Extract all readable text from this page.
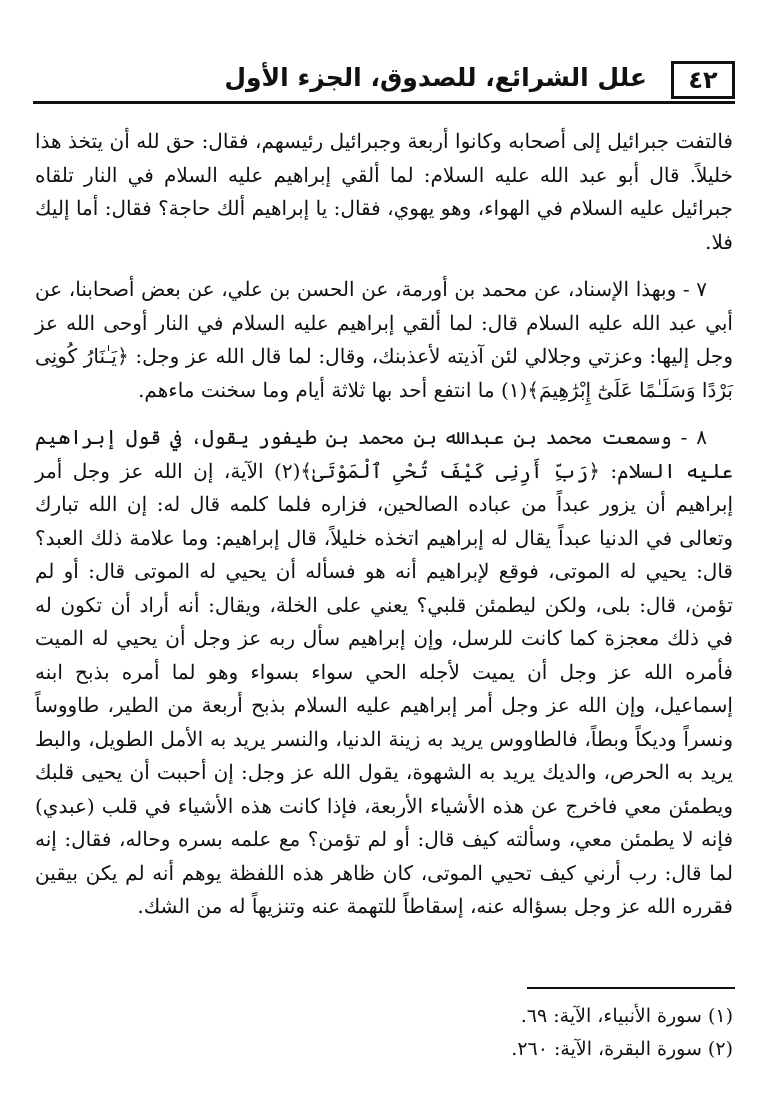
٤٢
علل الشرائع، للصدوق، الجزء الأول

فالتفت جبرائيل إلى أصحابه وكانوا أربعة وجبرائيل رئيسهم، فقال: حق لله أن يتخذ هذا خليلاً. قال أبو عبد الله عليه السلام: لما ألقي إبراهيم عليه السلام في النار تلقاه جبرائيل عليه السلام في الهواء، وهو يهوي، فقال: يا إبراهيم ألك حاجة؟ فقال: أما إليك فلا.

٧ - وبهذا الإسناد، عن محمد بن أورمة، عن الحسن بن علي، عن بعض أصحابنا، عن أبي عبد الله عليه السلام قال: لما ألقي إبراهيم عليه السلام في النار أوحى الله عز وجل إليها: وعزتي وجلالي لئن آذيته لأعذبنك، وقال: لما قال الله عز وجل: ﴿يَـٰنَارُ كُونِى بَرْدًا وَسَلَـٰمًا عَلَىٰٓ إِبْرَٰهِيمَ﴾(١) ما انتفع أحد بها ثلاثة أيام وما سخنت ماءهم.

٨ - وسمعت محمد بن عبدالله بن محمد بن طيفور يقول، في قول إبراهيم عليه السلام: ﴿رَبِّ أَرِنِى كَيْفَ تُحْىِ ٱلْمَوْتَىٰ﴾(٢) الآية، إن الله عز وجل أمر إبراهيم أن يزور عبداً من عباده الصالحين، فزاره فلما كلمه قال له: إن الله تبارك وتعالى في الدنيا عبداً يقال له إبراهيم اتخذه خليلاً، قال إبراهيم: وما علامة ذلك العبد؟ قال: يحيي له الموتى، فوقع لإبراهيم أنه هو فسأله أن يحيي له الموتى قال: أو لم تؤمن، قال: بلى، ولكن ليطمئن قلبي؟ يعني على الخلة، ويقال: أنه أراد أن تكون له في ذلك معجزة كما كانت للرسل، وإن إبراهيم سأل ربه عز وجل أن يحيي له الميت فأمره الله عز وجل أن يميت لأجله الحي سواء بسواء وهو لما أمره بذبح ابنه إسماعيل، وإن الله عز وجل أمر إبراهيم عليه السلام بذبح أربعة من الطير، طاووساً ونسراً وديكاً وبطاً، فالطاووس يريد به زينة الدنيا، والنسر يريد به الأمل الطويل، والبط يريد به الحرص، والديك يريد به الشهوة، يقول الله عز وجل: إن أحببت أن يحيى قلبك ويطمئن معي فاخرج عن هذه الأشياء الأربعة، فإذا كانت هذه الأشياء في قلب (عبدي) فإنه لا يطمئن معي، وسألته كيف قال: أو لم تؤمن؟ مع علمه بسره وحاله، فقال: إنه لما قال: رب أرني كيف تحيي الموتى، كان ظاهر هذه اللفظة يوهم أنه لم يكن بيقين فقرره الله عز وجل بسؤاله عنه، إسقاطاً للتهمة عنه وتنزيهاً له من الشك.

(١) سورة الأنبياء، الآية: ٦٩.

(٢) سورة البقرة، الآية: ٢٦٠.
